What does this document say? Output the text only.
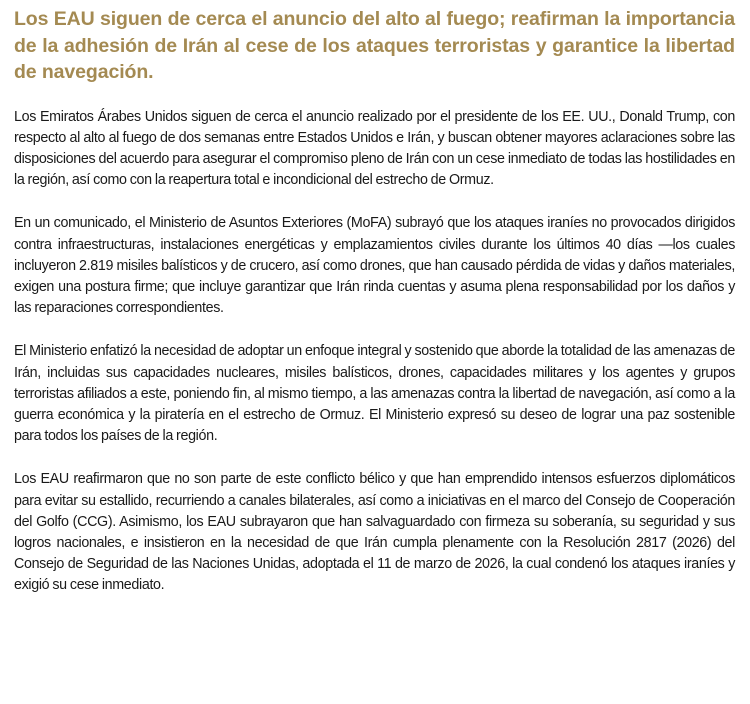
Los EAU siguen de cerca el anuncio del alto al fuego; reafirman la importancia de la adhesión de Irán al cese de los ataques terroristas y garantice la libertad de navegación.

Los Emiratos Árabes Unidos siguen de cerca el anuncio realizado por el presidente de los EE. UU., Donald Trump, con respecto al alto al fuego de dos semanas entre Estados Unidos e Irán, y buscan obtener mayores aclaraciones sobre las disposiciones del acuerdo para asegurar el compromiso pleno de Irán con un cese inmediato de todas las hostilidades en la región, así como con la reapertura total e incondicional del estrecho de Ormuz.

En un comunicado, el Ministerio de Asuntos Exteriores (MoFA) subrayó que los ataques iraníes no provocados dirigidos contra infraestructuras, instalaciones energéticas y emplazamientos civiles durante los últimos 40 días —los cuales incluyeron 2.819 misiles balísticos y de crucero, así como drones, que han causado pérdida de vidas y daños materiales, exigen una postura firme; que incluye garantizar que Irán rinda cuentas y asuma plena responsabilidad por los daños y las reparaciones correspondientes.

El Ministerio enfatizó la necesidad de adoptar un enfoque integral y sostenido que aborde la totalidad de las amenazas de Irán, incluidas sus capacidades nucleares, misiles balísticos, drones, capacidades militares y los agentes y grupos terroristas afiliados a este, poniendo fin, al mismo tiempo, a las amenazas contra la libertad de navegación, así como a la guerra económica y la piratería en el estrecho de Ormuz. El Ministerio expresó su deseo de lograr una paz sostenible para todos los países de la región.

Los EAU reafirmaron que no son parte de este conflicto bélico y que han emprendido intensos esfuerzos diplomáticos para evitar su estallido, recurriendo a canales bilaterales, así como a iniciativas en el marco del Consejo de Cooperación del Golfo (CCG). Asimismo, los EAU subrayaron que han salvaguardado con firmeza su soberanía, su seguridad y sus logros nacionales, e insistieron en la necesidad de que Irán cumpla plenamente con la Resolución 2817 (2026) del Consejo de Seguridad de las Naciones Unidas, adoptada el 11 de marzo de 2026, la cual condenó los ataques iraníes y exigió su cese inmediato.
